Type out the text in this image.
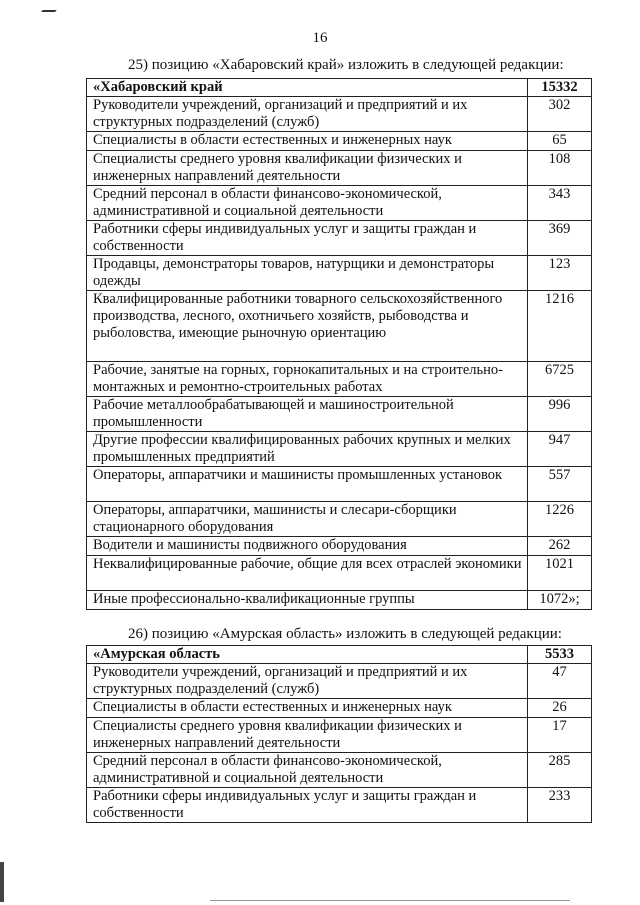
16
25) позицию «Хабаровский край» изложить в следующей редакции:
«Хабаровский край	15332
Руководители учреждений, организаций и предприятий и их структурных подразделений (служб)	302
Специалисты в области естественных и инженерных наук	65
Специалисты среднего уровня квалификации физических и инженерных направлений деятельности	108
Средний персонал в области финансово-экономической, административной и социальной деятельности	343
Работники сферы индивидуальных услуг и защиты граждан и собственности	369
Продавцы, демонстраторы товаров, натурщики и демонстраторы одежды	123
Квалифицированные работники товарного сельскохозяйственного производства, лесного, охотничьего хозяйств, рыбоводства и рыболовства, имеющие рыночную ориентацию	1216
Рабочие, занятые на горных, горнокапитальных и на строительно-монтажных и ремонтно-строительных работах	6725
Рабочие металлообрабатывающей и машиностроительной промышленности	996
Другие профессии квалифицированных рабочих крупных и мелких промышленных предприятий	947
Операторы, аппаратчики и машинисты промышленных установок	557
Операторы, аппаратчики, машинисты и слесари-сборщики стационарного оборудования	1226
Водители и машинисты подвижного оборудования	262
Неквалифицированные рабочие, общие для всех отраслей экономики	1021
Иные профессионально-квалификационные группы	1072»;
26) позицию «Амурская область» изложить в следующей редакции:
«Амурская область	5533
Руководители учреждений, организаций и предприятий и их структурных подразделений (служб)	47
Специалисты в области естественных и инженерных наук	26
Специалисты среднего уровня квалификации физических и инженерных направлений деятельности	17
Средний персонал в области финансово-экономической, административной и социальной деятельности	285
Работники сферы индивидуальных услуг и защиты граждан и собственности	233
